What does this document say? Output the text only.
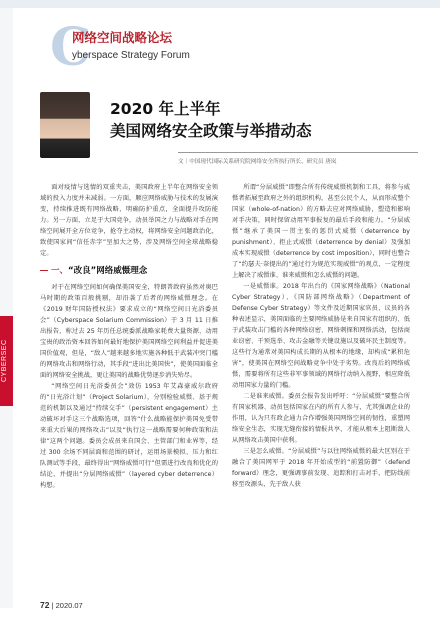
C
网络空间战略论坛
yberspace Strategy Forum
CYBERSEC
2020 年上半年
美国网络安全政策与举措动态
文｜中国现代国际关系研究院网络安全所执行所长、研究员 唐岚

面对疫情与选情的双重夹击，美国政府上半年在网络安全领域的投入力度并未减弱。一方面，顺应网络威胁与技术的发展演变，持续推进既有网络战略，明确防护重点，全面提升攻防能力。另一方面，立足于大国竞争，动员举国之力与战略对手在网络空间展开全方位竞争，抢夺主动权，将网络安全问题政治化，致使国家间“信任赤字”呈加大之势，涉及网络空间全球战略稳定。

一、“改良”网络威慑理念

对于在网络空间如何确保美国安全，特朗普政府虽然对奥巴马时期的政策百般挑剔，却沿袭了后者的网络威慑理念。在《2019 财年国防授权法》要求成立的“网络空间日光浴委员会”（Cyberspace Solarium Commission）于 3 月 11 日推出报告，称过去 25 年历任总统委派战略家耗费大量资源、动用宝贵的政治资本回答如何最好地保护美国网络空间利益并促进美国价值观，但是，“敌人”越来越多地实施各种低于武装冲突门槛的网络攻击和网络行动，其手段“进出比美国快”，使美国面临全面的网络安全挑战，更让美国的战略优势逐步消失殆尽。

“网络空间日光浴委员会”效仿 1953 年艾森豪威尔政府的“日光浴计划”（Project Solarium），分别检验威慑、基于规范的机制以及通过“持续交手”（persistent engagement）主动破坏对手这三个战略选项，回答“什么战略能保护美国免受带来重大后果的网络攻击”以及“执行这一战略需要何种政策和法律”这两个问题。委员会成员来自国会、主管部门和业界等，经过 300 余场不同层面和范围的研讨，运用场景模拟、压力和红队测试等手段，最终得出“网络威慑可行”但需进行改良和优化的结论，并提出“分层网络威慑”（layered cyber deterrence）构想。

所谓“分层威慑”即整合所有传统威慑机制和工具，将参与威慑者拓展至政府之外的组织机构，甚至公民个人，从而形成整个国家（whole-of-nation）的方略去应对网络威胁，塑造和影响对手决策，同时保留动用军事报复的最后手段和能力。“分层威慑”继承了美国一贯主张的惩罚式威慑（deterrence by punishment）、拒止式威慑（deterrence by denial）及强加成本实现威慑（deterrence by cost imposition），同时也整合了“约瑟夫·奈提出的”通过行为规范实现威慑”的观点，一定程度上解决了威慑谁、谁来威慑和怎么威慑的问题。

一是威慑谁。2018 年出台的《国家网络战略》（National Cyber Strategy）、《国防部网络战略》（Department of Defense Cyber Strategy）等文件及近期国家官员、议员的各种表述显示，美国面临的主要网络威胁是来自国家有组织的、低于武装攻击门槛的各种网络窃密、网络刺探和网络活动，包括商业窃密、干预选举、攻击金融等关键设施以及破坏民主制度等。这些行为通常对美国构成长期的从根本的地缘，却构成“累积危害”，使美国在网络空间战略竞争中处于劣势。改良后的网络威慑，需要将所有这些非军事领域的网络行动纳入视野，相应降低动用国家力量的门槛。

二是谁来威慑。委员会报告发出呼吁：“分层威慑”要整合所有国家机器、动员包括国家在内的所有人参与，尤其强调企业的作用，认为只有政企通力合作增强美国网络空间的韧性，重塑网络安全生态，实现无缝衔接的情报共享，才能从根本上阻断敌人从网络攻击美国中获利。

三是怎么威慑。“分层威慑”与以往网络威慑的最大区别在于融合了美国网军于 2018 年开始成型的“前置防御”（defend forward）理念，更强调事前发现、追踪和打击对手，把防线前移至攻源头，先于敌人获

72 | 2020.07
